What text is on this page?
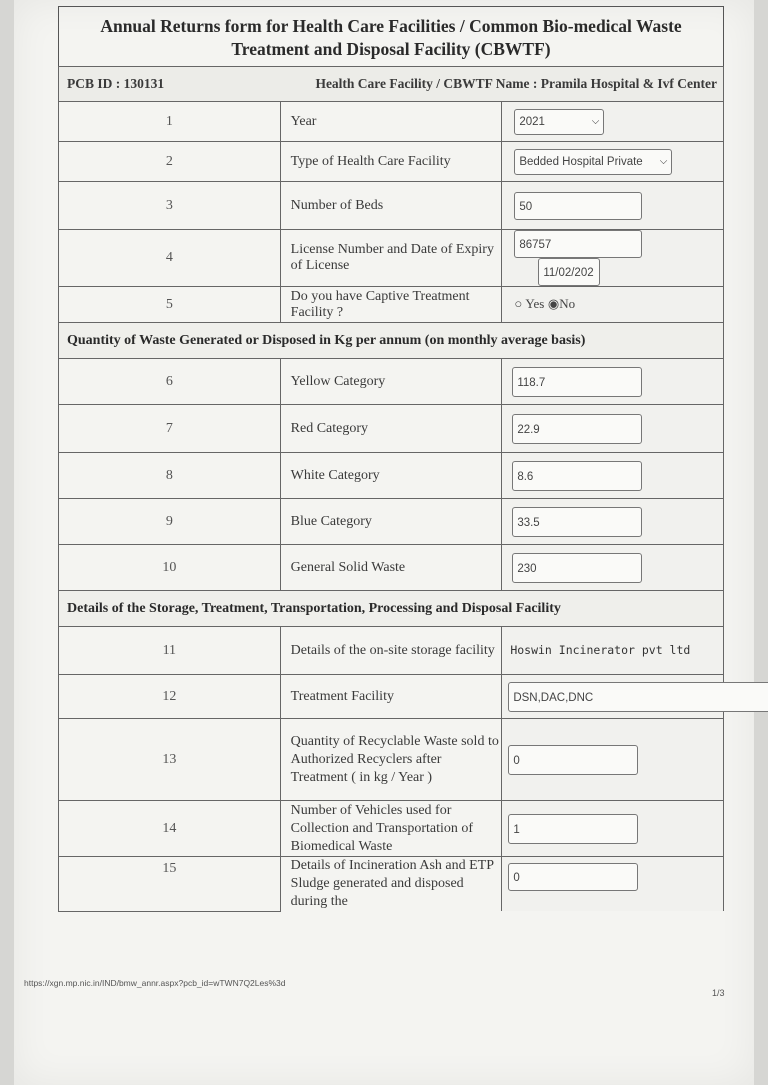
Annual Returns form for Health Care Facilities / Common Bio-medical Waste
Treatment and Disposal Facility (CBWTF)
PCB ID : 130131 Health Care Facility / CBWTF Name : Pramila Hospital & Ivf Center		

1	Year	2021 ⌵

2	Type of Health Care Facility	Bedded Hospital Private ⌵

3	Number of Beds	50
4	License Number and Date of Expiry of License	86757 11/02/202
5	Do you have Captive Treatment Facility ?	○ Yes ◉No
Quantity of Waste Generated or Disposed in Kg per annum (on monthly average basis)		
6	Yellow Category	118.7
7	Red Category	22.9
8	White Category	8.6
9	Blue Category	33.5
10	General Solid Waste	230
Details of the Storage, Treatment, Transportation, Processing and Disposal Facility		
11	Details of the on-site storage facility	Hoswin Incinerator pvt ltd
12	Treatment Facility	DSN,DAC,DNC
13	Quantity of Recyclable Waste sold to Authorized Recyclers after Treatment ( in kg / Year )	0
14	Number of Vehicles used for Collection and Transportation of Biomedical Waste	1
15	Details of Incineration Ash and ETP Sludge generated and disposed during the	0
https://xgn.mp.nic.in/IND/bmw_annr.aspx?pcb_id=wTWN7Q2Les%3d
1/3
